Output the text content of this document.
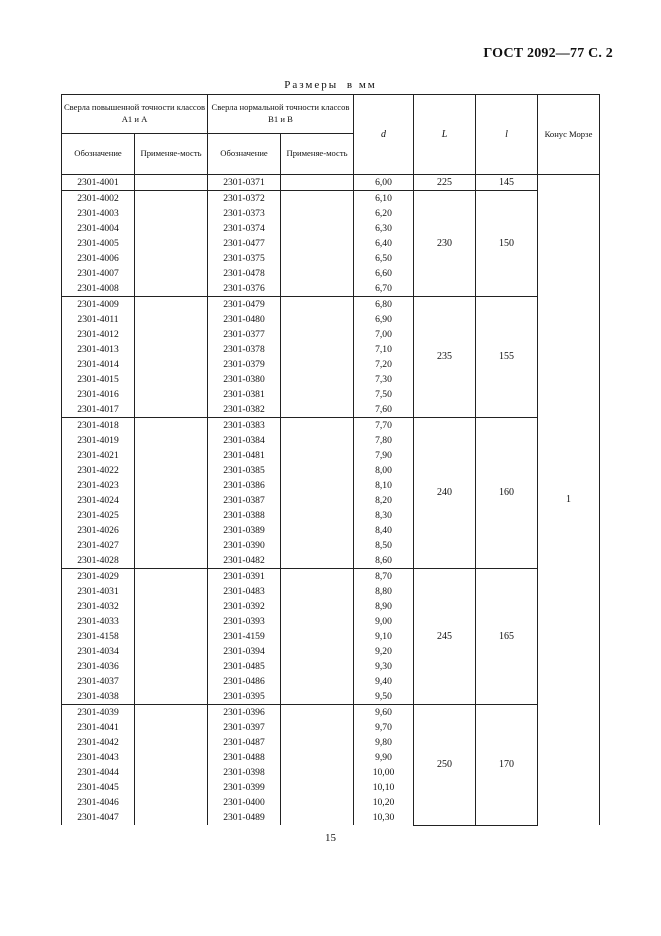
ГОСТ 2092—77 С. 2
Размеры в мм
Сверла повышенной точности классов А1 и А		Сверла нормальной точности классов В1 и В		d	L	l	Конус Морзе
Обозначение	Применяе-мость	Обозначение	Применяе-мость				
2301-4001		2301-0371		6,00	225	145	1
2301-4002		2301-0372		6,10	230	150	
2301-4003		2301-0373		6,20			
2301-4004		2301-0374		6,30			
2301-4005		2301-0477		6,40			
2301-4006		2301-0375		6,50			
2301-4007		2301-0478		6,60			
2301-4008		2301-0376		6,70			
2301-4009		2301-0479		6,80	235	155	
2301-4011		2301-0480		6,90			
2301-4012		2301-0377		7,00			
2301-4013		2301-0378		7,10			
2301-4014		2301-0379		7,20			
2301-4015		2301-0380		7,30			
2301-4016		2301-0381		7,50			
2301-4017		2301-0382		7,60			
2301-4018		2301-0383		7,70	240	160	
2301-4019		2301-0384		7,80			
2301-4021		2301-0481		7,90			
2301-4022		2301-0385		8,00			
2301-4023		2301-0386		8,10			
2301-4024		2301-0387		8,20			
2301-4025		2301-0388		8,30			
2301-4026		2301-0389		8,40			
2301-4027		2301-0390		8,50			
2301-4028		2301-0482		8,60			
2301-4029		2301-0391		8,70	245	165	
2301-4031		2301-0483		8,80			
2301-4032		2301-0392		8,90			
2301-4033		2301-0393		9,00			
2301-4158		2301-4159		9,10			
2301-4034		2301-0394		9,20			
2301-4036		2301-0485		9,30			
2301-4037		2301-0486		9,40			
2301-4038		2301-0395		9,50			
2301-4039		2301-0396		9,60	250	170	
2301-4041		2301-0397		9,70			
2301-4042		2301-0487		9,80			
2301-4043		2301-0488		9,90			
2301-4044		2301-0398		10,00			
2301-4045		2301-0399		10,10			
2301-4046		2301-0400		10,20			
2301-4047		2301-0489		10,30			
15
